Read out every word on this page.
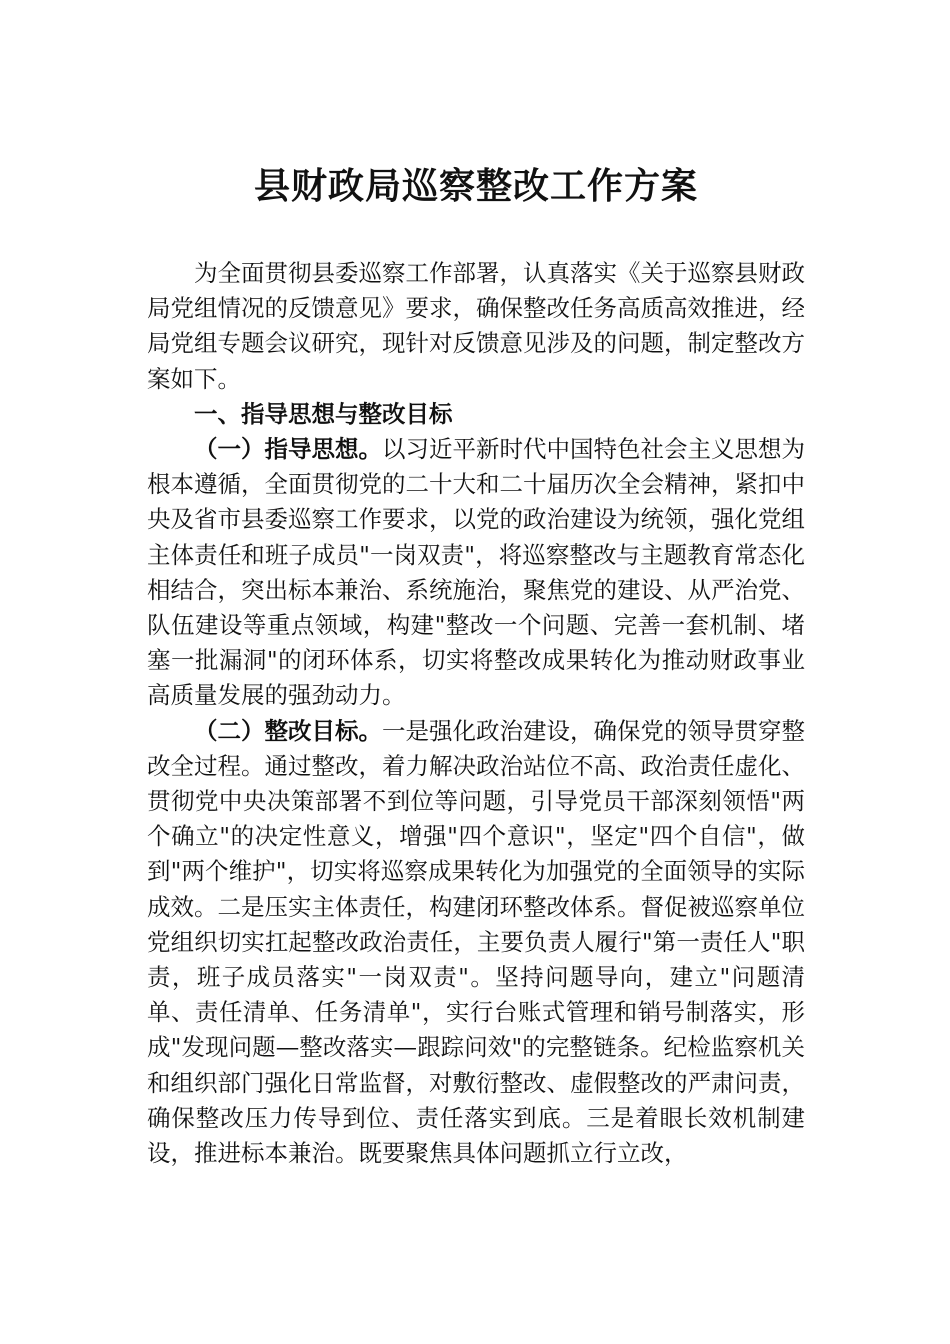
县财政局巡察整改工作方案

为全面贯彻县委巡察工作部署，认真落实《关于巡察县财政局党组情况的反馈意见》要求，确保整改任务高质高效推进，经局党组专题会议研究，现针对反馈意见涉及的问题，制定整改方案如下。

一、指导思想与整改目标

（一）指导思想。以习近平新时代中国特色社会主义思想为根本遵循，全面贯彻党的二十大和二十届历次全会精神，紧扣中央及省市县委巡察工作要求，以党的政治建设为统领，强化党组主体责任和班子成员"一岗双责"，将巡察整改与主题教育常态化相结合，突出标本兼治、系统施治，聚焦党的建设、从严治党、队伍建设等重点领域，构建"整改一个问题、完善一套机制、堵塞一批漏洞"的闭环体系，切实将整改成果转化为推动财政事业高质量发展的强劲动力。

（二）整改目标。一是强化政治建设，确保党的领导贯穿整改全过程。通过整改，着力解决政治站位不高、政治责任虚化、贯彻党中央决策部署不到位等问题，引导党员干部深刻领悟"两个确立"的决定性意义，增强"四个意识"，坚定"四个自信"，做到"两个维护"，切实将巡察成果转化为加强党的全面领导的实际成效。二是压实主体责任，构建闭环整改体系。督促被巡察单位党组织切实扛起整改政治责任，主要负责人履行"第一责任人"职责，班子成员落实"一岗双责"。坚持问题导向，建立"问题清单、责任清单、任务清单"，实行台账式管理和销号制落实，形成"发现问题—整改落实—跟踪问效"的完整链条。纪检监察机关和组织部门强化日常监督，对敷衍整改、虚假整改的严肃问责，确保整改压力传导到位、责任落实到底。三是着眼长效机制建设，推进标本兼治。既要聚焦具体问题抓立行立改，
